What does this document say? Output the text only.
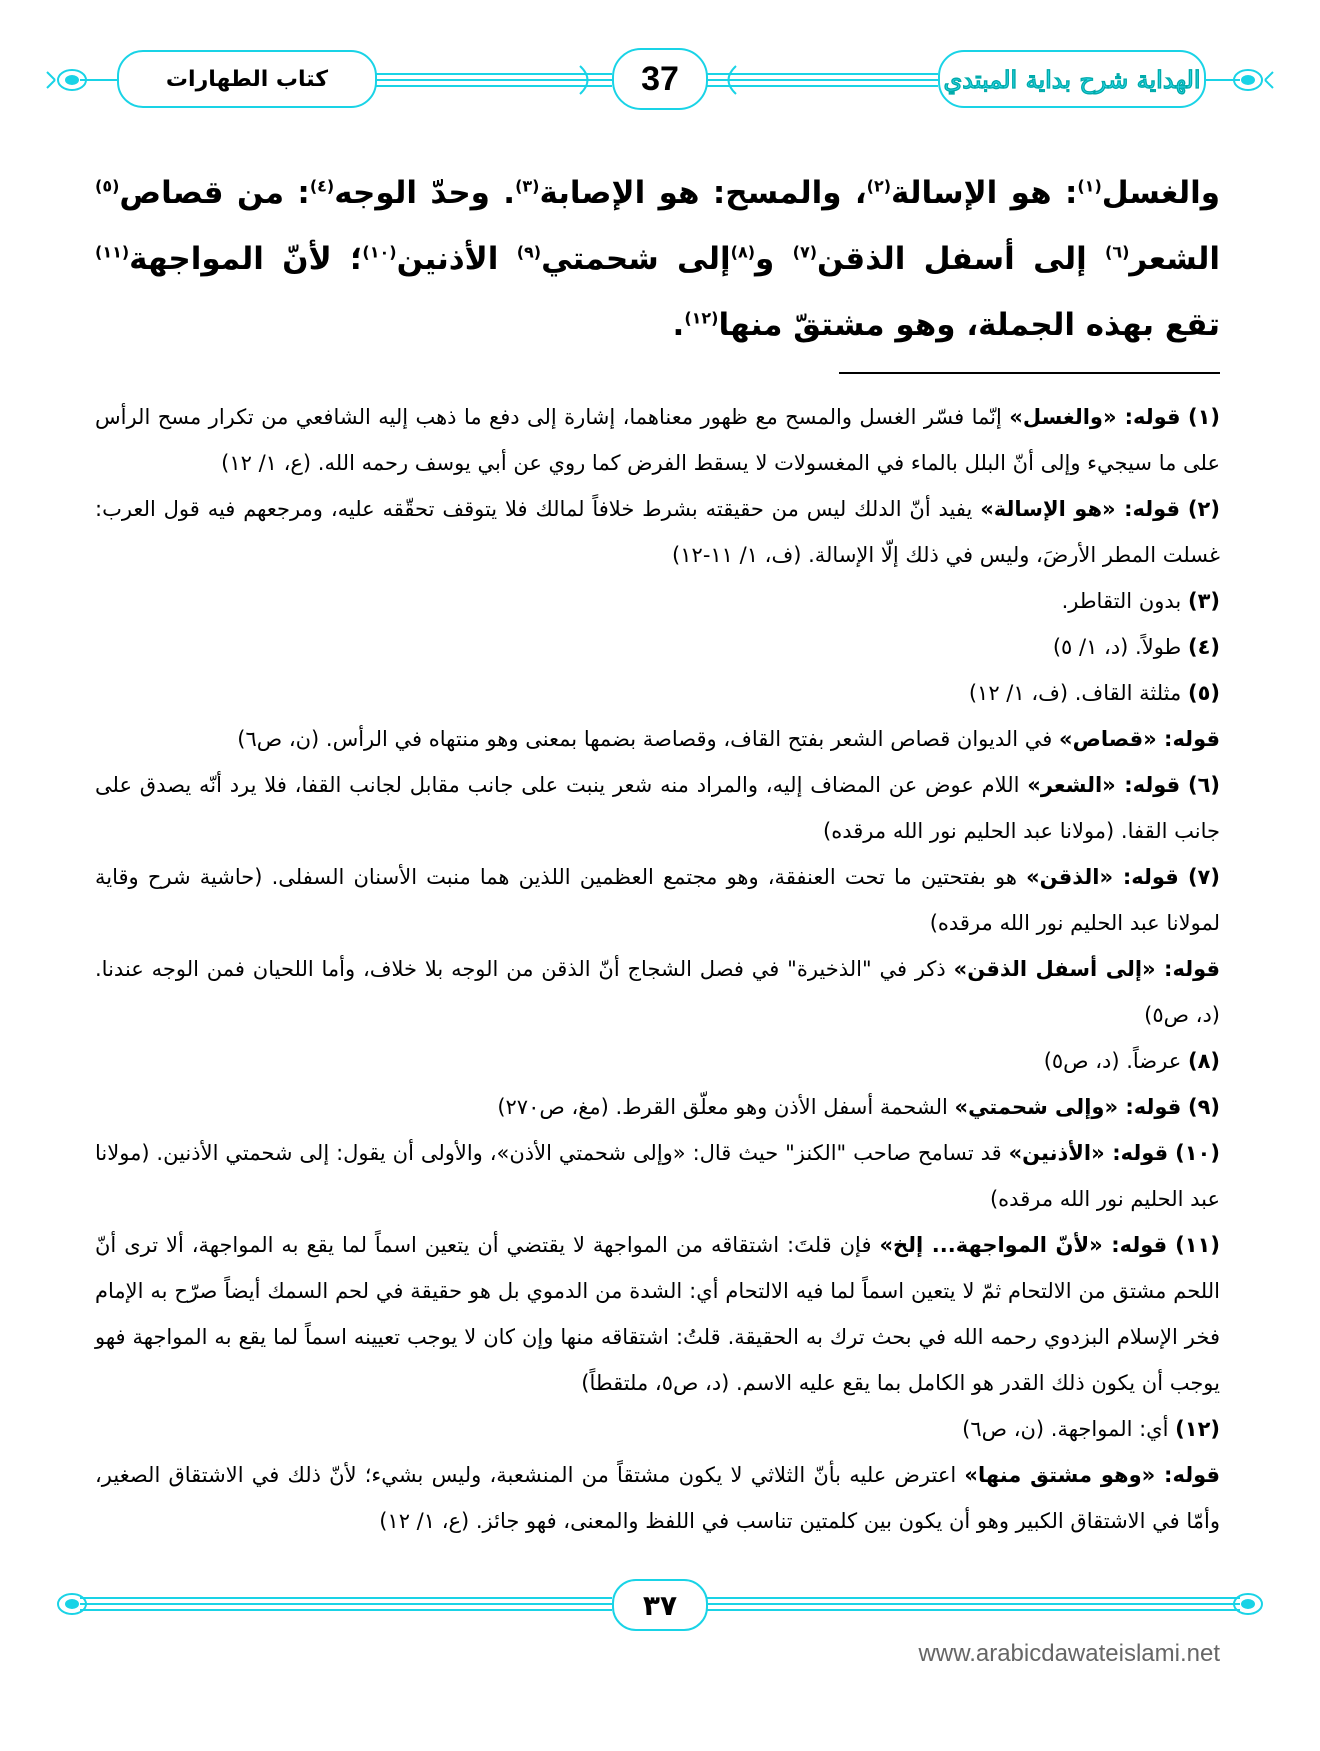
كتاب الطهارات	37	الهداية شرح بداية المبتدي
والغسل$^{(١)}$: هو الإسالة$^{(٢)}$، والمسح: هو الإصابة$^{(٣)}$. وحدّ الوجه$^{(٤)}$: من قصاص$^{(٥)}$ الشعر$^{(٦)}$ إلى أسفل الذقن$^{(٧)}$ و$^{(٨)}$إلى شحمتي$^{(٩)}$ الأذنين$^{(١٠)}$؛ لأنّ المواجهة$^{(١١)}$ تقع بهذه الجملة، وهو مشتقّ منها$^{(١٢)}$.
(١) قوله: «والغسل» إنّما فسّر الغسل والمسح مع ظهور معناهما، إشارة إلى دفع ما ذهب إليه الشافعي من تكرار مسح الرأس على ما سيجيء وإلى أنّ البلل بالماء في المغسولات لا يسقط الفرض كما روي عن أبي يوسف رحمه الله. (ع، ١/ ١٢)
(٢) قوله: «هو الإسالة» يفيد أنّ الدلك ليس من حقيقته بشرط خلافاً لمالك فلا يتوقف تحقّقه عليه، ومرجعهم فيه قول العرب: غسلت المطر الأرضَ، وليس في ذلك إلّا الإسالة. (ف، ١/ ١١-١٢)
(٣) بدون التقاطر.
(٤) طولاً. (د، ١/ ٥)
(٥) مثلثة القاف. (ف، ١/ ١٢)
قوله: «قصاص» في الديوان قصاص الشعر بفتح القاف، وقصاصة بضمها بمعنى وهو منتهاه في الرأس. (ن، ص٦)
(٦) قوله: «الشعر» اللام عوض عن المضاف إليه، والمراد منه شعر ينبت على جانب مقابل لجانب القفا، فلا يرد أنّه يصدق على جانب القفا. (مولانا عبد الحليم نور الله مرقده)
(٧) قوله: «الذقن» هو بفتحتين ما تحت العنفقة، وهو مجتمع العظمين اللذين هما منبت الأسنان السفلى. (حاشية شرح وقاية لمولانا عبد الحليم نور الله مرقده)
قوله: «إلى أسفل الذقن» ذكر في "الذخيرة" في فصل الشجاج أنّ الذقن من الوجه بلا خلاف، وأما اللحيان فمن الوجه عندنا. (د، ص٥)
(٨) عرضاً. (د، ص٥)
(٩) قوله: «وإلى شحمتي» الشحمة أسفل الأذن وهو معلّق القرط. (مغ، ص٢٧٠)
(١٠) قوله: «الأذنين» قد تسامح صاحب "الكنز" حيث قال: «وإلى شحمتي الأذن»، والأولى أن يقول: إلى شحمتي الأذنين. (مولانا عبد الحليم نور الله مرقده)
(١١) قوله: «لأنّ المواجهة... إلخ» فإن قلتَ: اشتقاقه من المواجهة لا يقتضي أن يتعين اسماً لما يقع به المواجهة، ألا ترى أنّ اللحم مشتق من الالتحام ثمّ لا يتعين اسماً لما فيه الالتحام أي: الشدة من الدموي بل هو حقيقة في لحم السمك أيضاً صرّح به الإمام فخر الإسلام البزدوي رحمه الله في بحث ترك به الحقيقة. قلتُ: اشتقاقه منها وإن كان لا يوجب تعيينه اسماً لما يقع به المواجهة فهو يوجب أن يكون ذلك القدر هو الكامل بما يقع عليه الاسم. (د، ص٥، ملتقطاً)
(١٢) أي: المواجهة. (ن، ص٦)
قوله: «وهو مشتق منها» اعترض عليه بأنّ الثلاثي لا يكون مشتقاً من المنشعبة، وليس بشيء؛ لأنّ ذلك في الاشتقاق الصغير، وأمّا في الاشتقاق الكبير وهو أن يكون بين كلمتين تناسب في اللفظ والمعنى، فهو جائز. (ع، ١/ ١٢)
٣٧
www.arabicdawateislami.net
